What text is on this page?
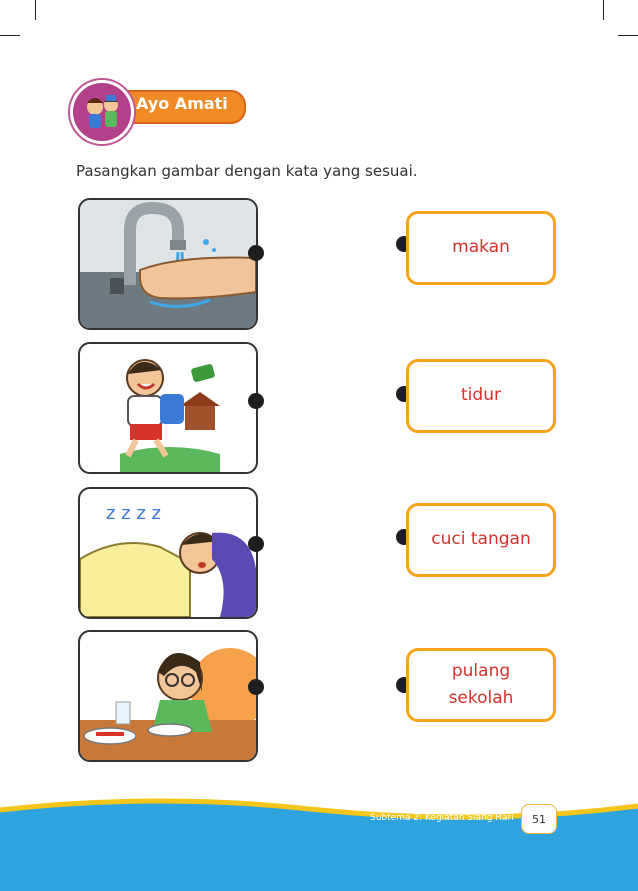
Ayo Amati
Pasangkan gambar dengan kata yang sesuai.
z z z z
makan
tidur
cuci tangan
pulang
sekolah
Subtema 2: Kegiatan Siang Hari	51
